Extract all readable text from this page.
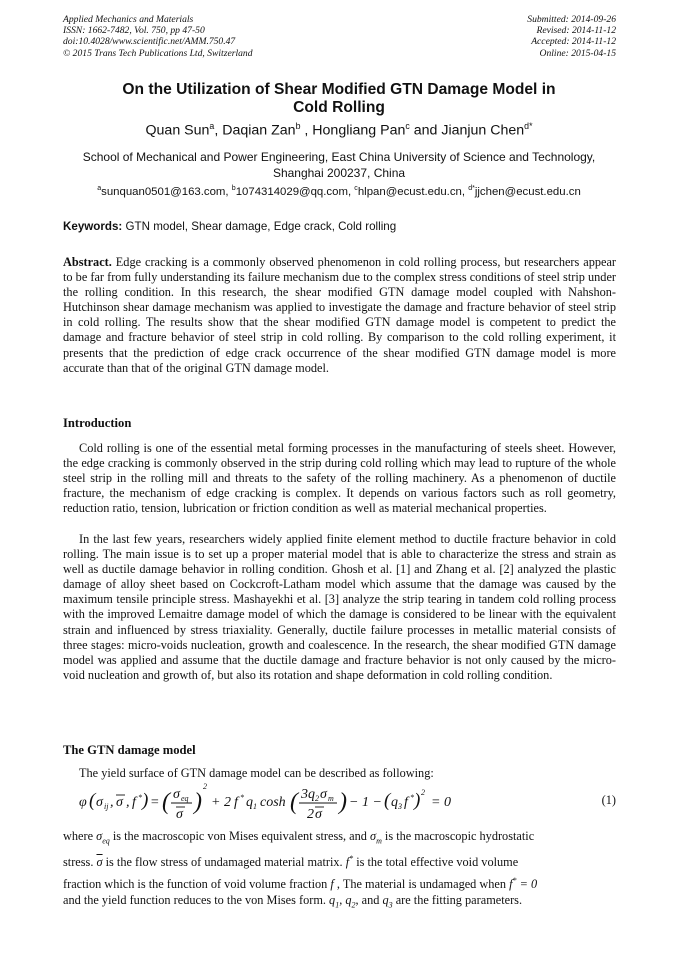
Applied Mechanics and Materials
ISSN: 1662-7482, Vol. 750, pp 47-50
doi:10.4028/www.scientific.net/AMM.750.47
© 2015 Trans Tech Publications Ltd, Switzerland
Submitted: 2014-09-26
Revised: 2014-11-12
Accepted: 2014-11-12
Online: 2015-04-15
On the Utilization of Shear Modified GTN Damage Model in
Cold Rolling
Quan Sun$^a$, Daqian Zan$^b$ , Hongliang Pan$^c$ and Jianjun Chen$^{d*}$
School of Mechanical and Power Engineering, East China University of Science and Technology,
Shanghai 200237, China
$^a$sunquan0501@163.com, $^b$1074314029@qq.com, $^c$hlpan@ecust.edu.cn, $^{d*}$jjchen@ecust.edu.cn
Keywords: GTN model, Shear damage, Edge crack, Cold rolling
Abstract. Edge cracking is a commonly observed phenomenon in cold rolling process, but researchers appear to be far from fully understanding its failure mechanism due to the complex stress conditions of steel strip under the rolling condition. In this research, the shear modified GTN damage model coupled with Nahshon-Hutchinson shear damage mechanism was applied to investigate the damage and fracture behavior of steel strip in cold rolling. The results show that the shear modified GTN damage model is competent to predict the damage and fracture behavior of steel strip in cold rolling. By comparison to the cold rolling experiment, it presents that the prediction of edge crack occurrence of the shear modified GTN damage model is more accurate than that of the original GTN damage model.
Introduction
Cold rolling is one of the essential metal forming processes in the manufacturing of steels sheet. However, the edge cracking is commonly observed in the strip during cold rolling which may lead to rupture of the whole steel strip in the rolling mill and threats to the safety of the rolling machinery. As a phenomenon of ductile fracture, the mechanism of edge cracking is complex. It depends on various factors such as roll geometry, reduction ratio, tension, lubrication or friction condition as well as material mechanical properties.
In the last few years, researchers widely applied finite element method to ductile fracture behavior in cold rolling. The main issue is to set up a proper material model that is able to characterize the stress and strain as well as ductile damage behavior in rolling condition. Ghosh et al. [1] and Zhang et al. [2] analyzed the plastic damage of alloy sheet based on Cockcroft-Latham model which assume that the damage was caused by the maximum tensile principle stress. Mashayekhi et al. [3] analyze the strip tearing in tandem cold rolling process with the improved Lemaitre damage model of which the damage is considered to be linear with the equivalent strain and influenced by stress triaxiality. Generally, ductile failure processes in metallic material consists of three stages: micro-voids nucleation, growth and coalescence. In the research, the shear modified GTN damage model was applied and assume that the ductile damage and fracture behavior is not only caused by the micro-void nucleation and growth of, but also its rotation and shape deformation in cold rolling condition.
The GTN damage model
The yield surface of GTN damage model can be described as following:
φ ( σ ij , σ , f * ) = ( σ eq
σ )
2
+ 2 f * q 1 cosh ( 3 q 2 σ m
2 σ ) − 1 − ( q 3 f * ) 2
= 0	(1)
where $\sigma_{eq}$ is the macroscopic von Mises equivalent stress, and $\sigma_m$ is the macroscopic hydrostatic
stress. $\overline{\sigma}$ is the flow stress of undamaged material matrix. f* is the total effective void volume
fraction which is the function of void volume fraction f , The material is undamaged when f* = 0
and the yield function reduces to the von Mises form. $q_1$, $q_2$, and $q_3$ are the fitting parameters.
